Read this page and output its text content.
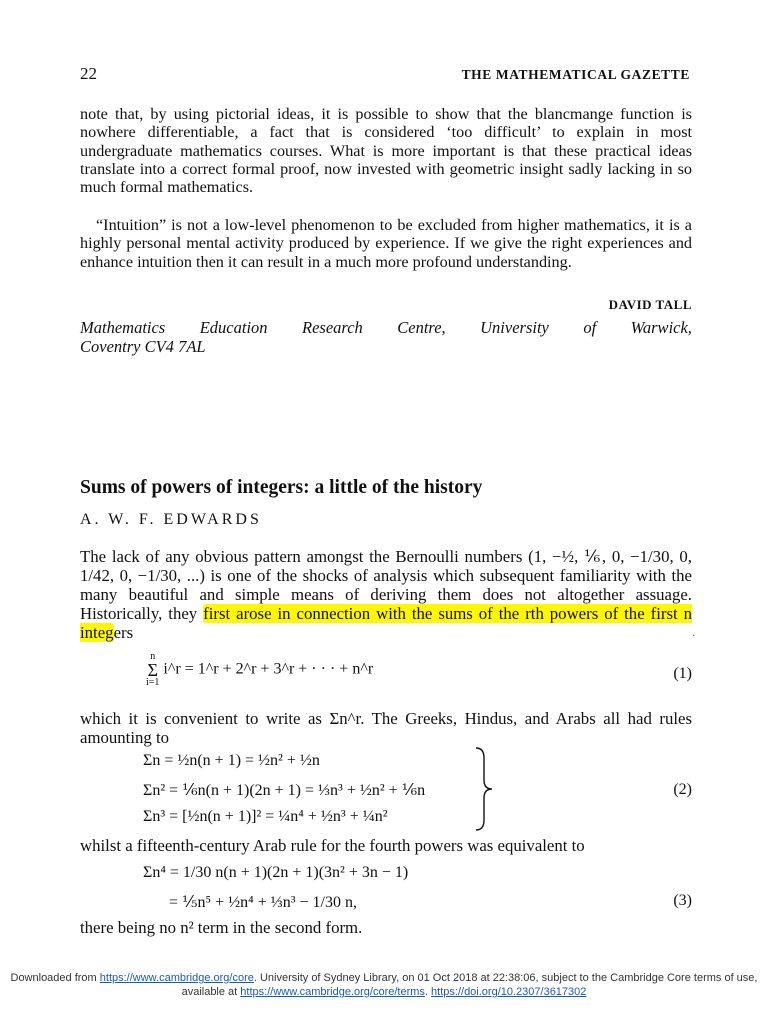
22	THE MATHEMATICAL GAZETTE
note that, by using pictorial ideas, it is possible to show that the blancmange function is nowhere differentiable, a fact that is considered ‘too difficult’ to explain in most undergraduate mathematics courses. What is more important is that these practical ideas translate into a correct formal proof, now invested with geometric insight sadly lacking in so much formal mathematics.
“Intuition” is not a low-level phenomenon to be excluded from higher mathematics, it is a highly personal mental activity produced by experience. If we give the right experiences and enhance intuition then it can result in a much more profound understanding.
DAVID TALL
Mathematics Education Research Centre, University of Warwick,
Coventry CV4 7AL
Sums of powers of integers: a little of the history
A. W. F. EDWARDS
The lack of any obvious pattern amongst the Bernoulli numbers (1, −½, ⅙, 0, −1/30, 0, 1/42, 0, −1/30, ...) is one of the shocks of analysis which subsequent familiarity with the many beautiful and simple means of deriving them does not altogether assuage. Historically, they first arose in connection with the sums of the rth powers of the first n integers	·
n
Σ
i=1
i^r = 1^r + 2^r + 3^r + · · · + n^r	(1)
which it is convenient to write as Σn^r. The Greeks, Hindus, and Arabs all had rules amounting to
Σn = ½n(n + 1) = ½n² + ½n
Σn² = ⅙n(n + 1)(2n + 1) = ⅓n³ + ½n² + ⅙n
Σn³ = [½n(n + 1)]² = ¼n⁴ + ½n³ + ¼n²
(2)
whilst a fifteenth-century Arab rule for the fourth powers was equivalent to
Σn⁴ = 1/30 n(n + 1)(2n + 1)(3n² + 3n − 1)
= ⅕n⁵ + ½n⁴ + ⅓n³ − 1/30 n,	(3)
there being no n² term in the second form.
Downloaded from https://www.cambridge.org/core. University of Sydney Library, on 01 Oct 2018 at 22:38:06, subject to the Cambridge Core terms of use, available at https://www.cambridge.org/core/terms. https://doi.org/10.2307/3617302
